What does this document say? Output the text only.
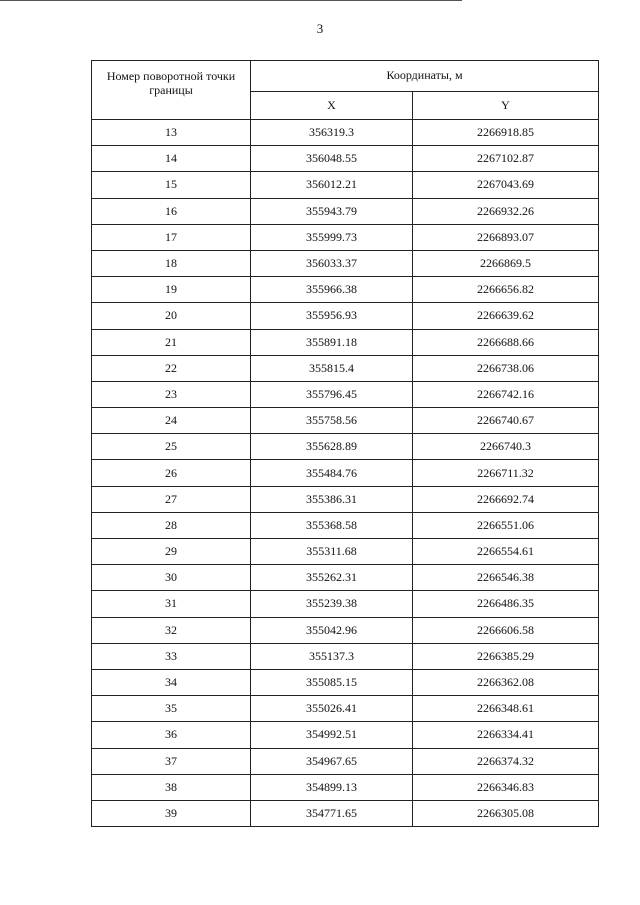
3
Номер поворотной точки границы	Координаты, м	
	X	Y
13	356319.3	2266918.85
14	356048.55	2267102.87
15	356012.21	2267043.69
16	355943.79	2266932.26
17	355999.73	2266893.07
18	356033.37	2266869.5
19	355966.38	2266656.82
20	355956.93	2266639.62
21	355891.18	2266688.66
22	355815.4	2266738.06
23	355796.45	2266742.16
24	355758.56	2266740.67
25	355628.89	2266740.3
26	355484.76	2266711.32
27	355386.31	2266692.74
28	355368.58	2266551.06
29	355311.68	2266554.61
30	355262.31	2266546.38
31	355239.38	2266486.35
32	355042.96	2266606.58
33	355137.3	2266385.29
34	355085.15	2266362.08
35	355026.41	2266348.61
36	354992.51	2266334.41
37	354967.65	2266374.32
38	354899.13	2266346.83
39	354771.65	2266305.08
